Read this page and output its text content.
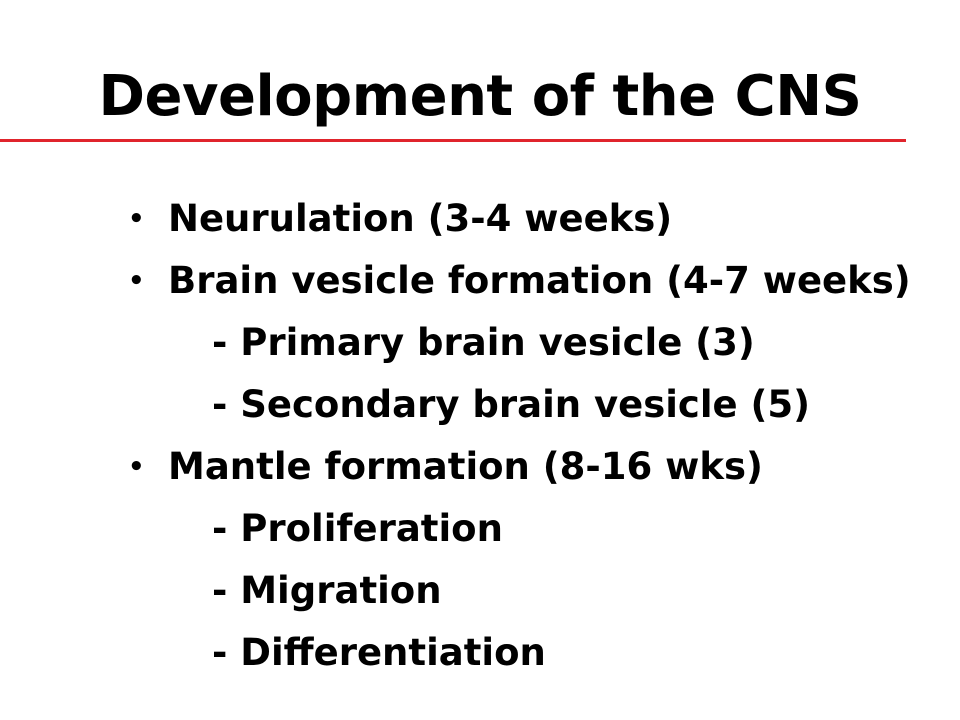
Development of the CNS
• Neurulation (3-4 weeks)
• Brain vesicle formation (4-7 weeks)
- Primary brain vesicle (3)
- Secondary brain vesicle (5)
• Mantle formation (8-16 wks)
- Proliferation
- Migration
- Differentiation
